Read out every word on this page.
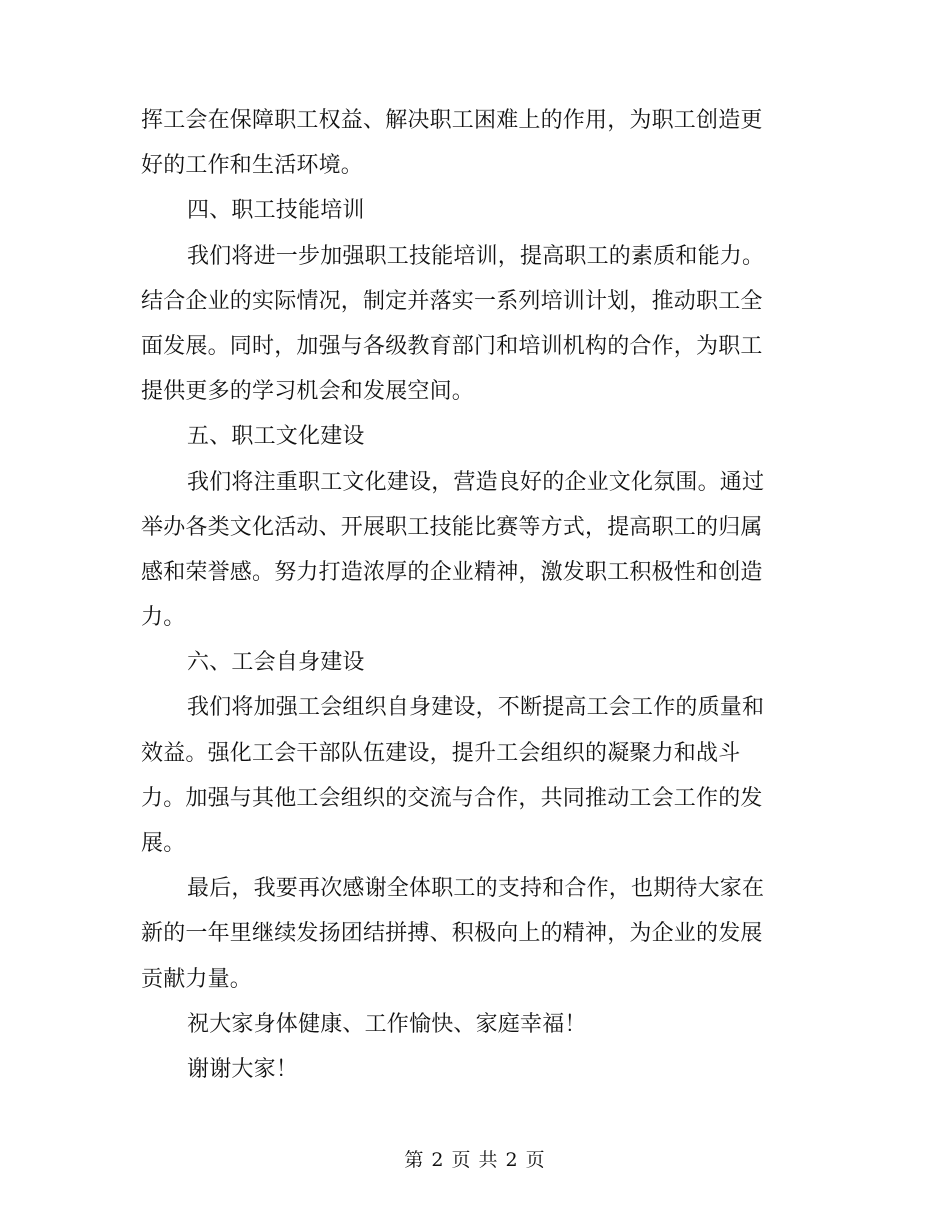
挥工会在保障职工权益、解决职工困难上的作用，为职工创造更
好的工作和生活环境。
四、职工技能培训
我们将进一步加强职工技能培训，提高职工的素质和能力。
结合企业的实际情况，制定并落实一系列培训计划，推动职工全
面发展。同时，加强与各级教育部门和培训机构的合作，为职工
提供更多的学习机会和发展空间。
五、职工文化建设
我们将注重职工文化建设，营造良好的企业文化氛围。通过
举办各类文化活动、开展职工技能比赛等方式，提高职工的归属
感和荣誉感。努力打造浓厚的企业精神，激发职工积极性和创造
力。
六、工会自身建设
我们将加强工会组织自身建设，不断提高工会工作的质量和
效益。强化工会干部队伍建设，提升工会组织的凝聚力和战斗
力。加强与其他工会组织的交流与合作，共同推动工会工作的发
展。
最后，我要再次感谢全体职工的支持和合作，也期待大家在
新的一年里继续发扬团结拼搏、积极向上的精神，为企业的发展
贡献力量。
祝大家身体健康、工作愉快、家庭幸福！
谢谢大家！
第 2 页 共 2 页
